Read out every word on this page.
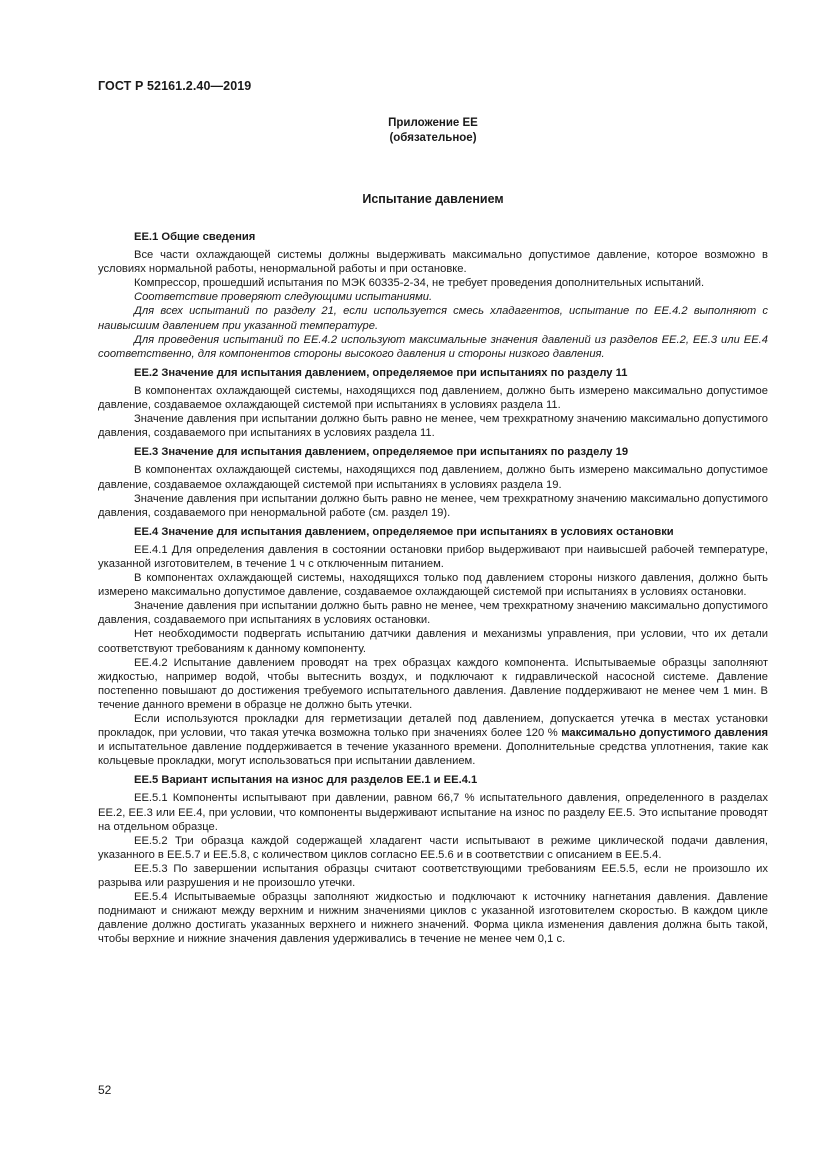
ГОСТ Р 52161.2.40—2019
Приложение ЕЕ
(обязательное)
Испытание давлением

ЕЕ.1 Общие сведения

Все части охлаждающей системы должны выдерживать максимально допустимое давление, которое возможно в условиях нормальной работы, ненормальной работы и при остановке.

Компрессор, прошедший испытания по МЭК 60335-2-34, не требует проведения дополнительных испытаний.

Соответствие проверяют следующими испытаниями.

Для всех испытаний по разделу 21, если используется смесь хладагентов, испытание по ЕЕ.4.2 выполняют с наивысшим давлением при указанной температуре.

Для проведения испытаний по ЕЕ.4.2 используют максимальные значения давлений из разделов ЕЕ.2, ЕЕ.3 или ЕЕ.4 соответственно, для компонентов стороны высокого давления и стороны низкого давления.

ЕЕ.2 Значение для испытания давлением, определяемое при испытаниях по разделу 11

В компонентах охлаждающей системы, находящихся под давлением, должно быть измерено максимально допустимое давление, создаваемое охлаждающей системой при испытаниях в условиях раздела 11.

Значение давления при испытании должно быть равно не менее, чем трехкратному значению максимально допустимого давления, создаваемого при испытаниях в условиях раздела 11.

ЕЕ.3 Значение для испытания давлением, определяемое при испытаниях по разделу 19

В компонентах охлаждающей системы, находящихся под давлением, должно быть измерено максимально допустимое давление, создаваемое охлаждающей системой при испытаниях в условиях раздела 19.

Значение давления при испытании должно быть равно не менее, чем трехкратному значению максимально допустимого давления, создаваемого при ненормальной работе (см. раздел 19).

ЕЕ.4 Значение для испытания давлением, определяемое при испытаниях в условиях остановки

ЕЕ.4.1 Для определения давления в состоянии остановки прибор выдерживают при наивысшей рабочей температуре, указанной изготовителем, в течение 1 ч с отключенным питанием.

В компонентах охлаждающей системы, находящихся только под давлением стороны низкого давления, должно быть измерено максимально допустимое давление, создаваемое охлаждающей системой при испытаниях в условиях остановки.

Значение давления при испытании должно быть равно не менее, чем трехкратному значению максимально допустимого давления, создаваемого при испытаниях в условиях остановки.

Нет необходимости подвергать испытанию датчики давления и механизмы управления, при условии, что их детали соответствуют требованиям к данному компоненту.

ЕЕ.4.2 Испытание давлением проводят на трех образцах каждого компонента. Испытываемые образцы заполняют жидкостью, например водой, чтобы вытеснить воздух, и подключают к гидравлической насосной системе. Давление постепенно повышают до достижения требуемого испытательного давления. Давление поддерживают не менее чем 1 мин. В течение данного времени в образце не должно быть утечки.

Если используются прокладки для герметизации деталей под давлением, допускается утечка в местах установки прокладок, при условии, что такая утечка возможна только при значениях более 120 % максимально допустимого давления и испытательное давление поддерживается в течение указанного времени. Дополнительные средства уплотнения, такие как кольцевые прокладки, могут использоваться при испытании давлением.

ЕЕ.5 Вариант испытания на износ для разделов ЕЕ.1 и ЕЕ.4.1

ЕЕ.5.1 Компоненты испытывают при давлении, равном 66,7 % испытательного давления, определенного в разделах ЕЕ.2, ЕЕ.3 или ЕЕ.4, при условии, что компоненты выдерживают испытание на износ по разделу ЕЕ.5. Это испытание проводят на отдельном образце.

ЕЕ.5.2 Три образца каждой содержащей хладагент части испытывают в режиме циклической подачи давления, указанного в ЕЕ.5.7 и ЕЕ.5.8, с количеством циклов согласно ЕЕ.5.6 и в соответствии с описанием в ЕЕ.5.4.

ЕЕ.5.3 По завершении испытания образцы считают соответствующими требованиям ЕЕ.5.5, если не произошло их разрыва или разрушения и не произошло утечки.

ЕЕ.5.4 Испытываемые образцы заполняют жидкостью и подключают к источнику нагнетания давления. Давление поднимают и снижают между верхним и нижним значениями циклов с указанной изготовителем скоростью. В каждом цикле давление должно достигать указанных верхнего и нижнего значений. Форма цикла изменения давления должна быть такой, чтобы верхние и нижние значения давления удерживались в течение не менее чем 0,1 с.

52
